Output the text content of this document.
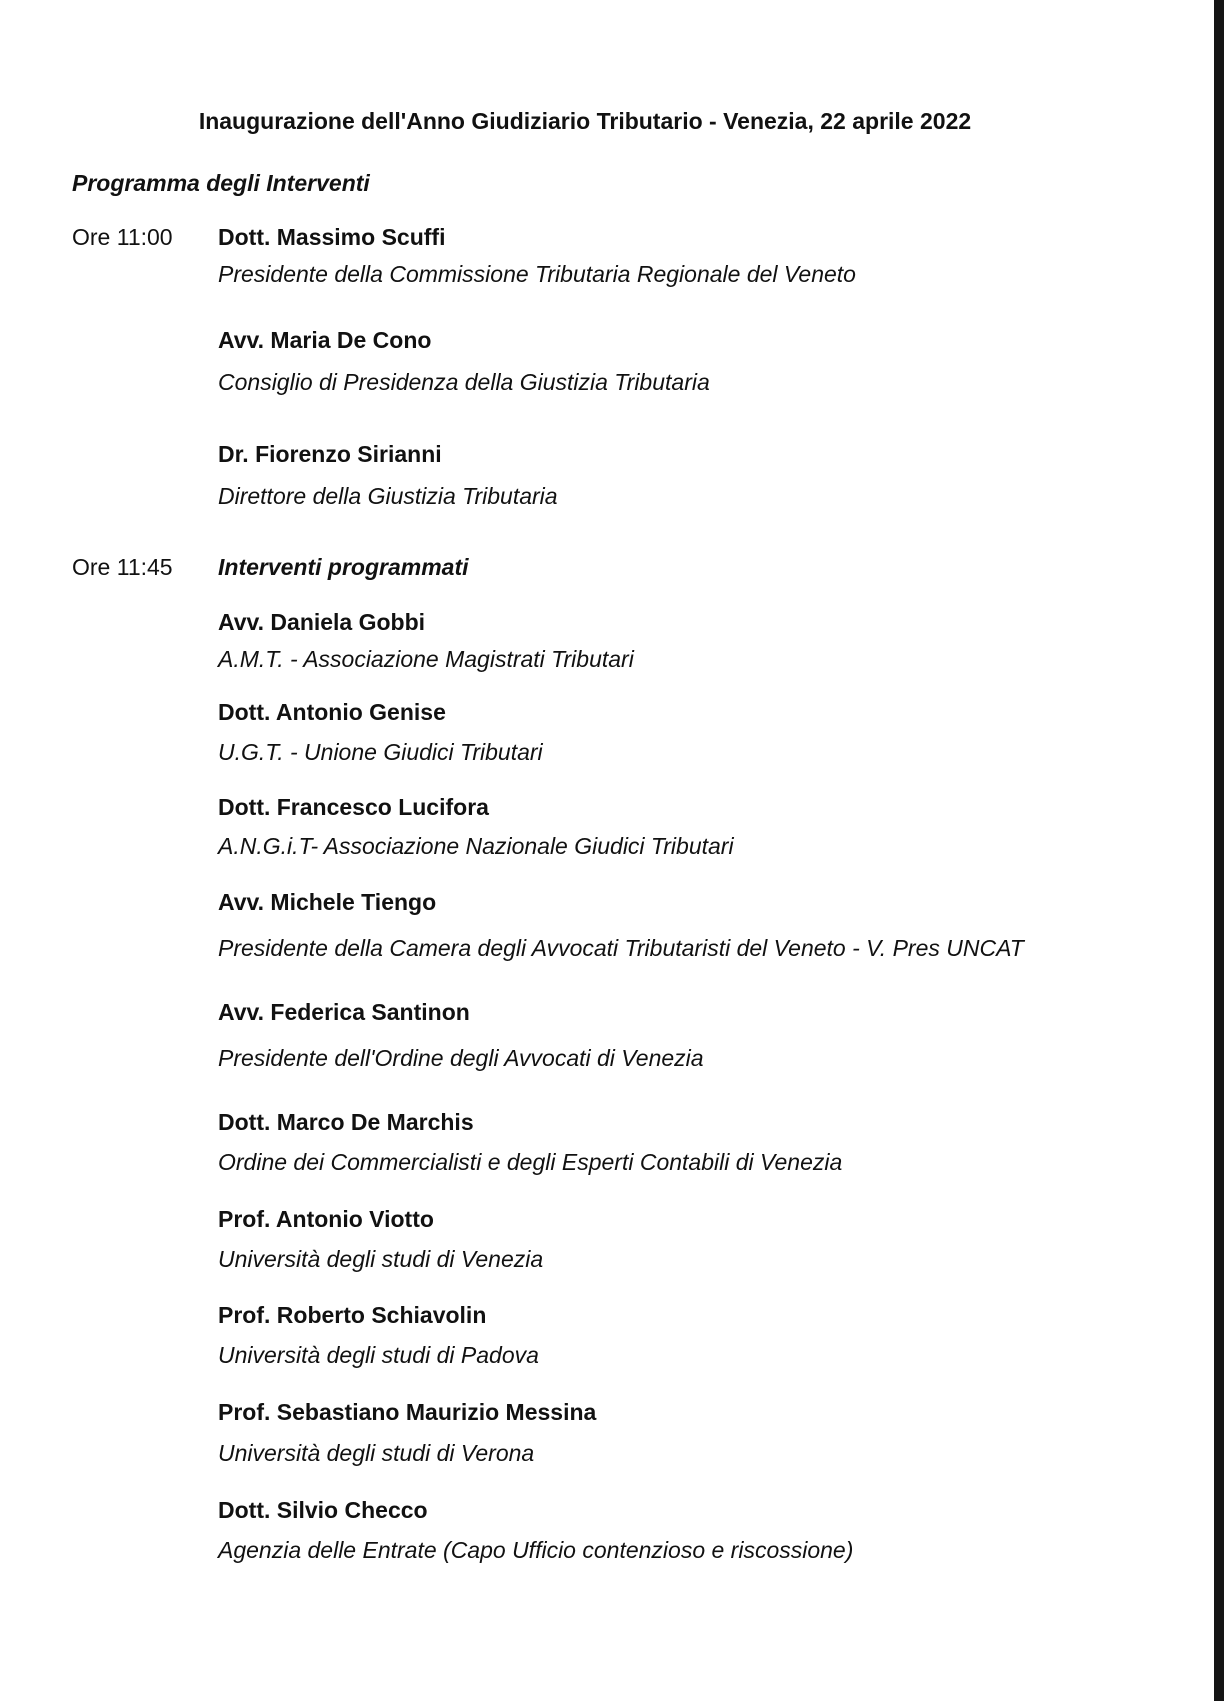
Inaugurazione dell'Anno Giudiziario Tributario - Venezia, 22 aprile 2022
Programma degli Interventi
Ore 11:00 Dott. Massimo Scuffi
Presidente della Commissione Tributaria Regionale del Veneto
Avv. Maria De Cono
Consiglio di Presidenza della Giustizia Tributaria
Dr. Fiorenzo Sirianni
Direttore della Giustizia Tributaria
Ore 11:45 Interventi programmati
Avv. Daniela Gobbi
A.M.T. - Associazione Magistrati Tributari
Dott. Antonio Genise
U.G.T. - Unione Giudici Tributari
Dott. Francesco Lucifora
A.N.G.i.T- Associazione Nazionale Giudici Tributari
Avv. Michele Tiengo
Presidente della Camera degli Avvocati Tributaristi del Veneto - V. Pres UNCAT
Avv. Federica Santinon
Presidente dell'Ordine degli Avvocati di Venezia
Dott. Marco De Marchis
Ordine dei Commercialisti e degli Esperti Contabili di Venezia
Prof. Antonio Viotto
Università degli studi di Venezia
Prof. Roberto Schiavolin
Università degli studi di Padova
Prof. Sebastiano Maurizio Messina
Università degli studi di Verona
Dott. Silvio Checco
Agenzia delle Entrate (Capo Ufficio contenzioso e riscossione)
